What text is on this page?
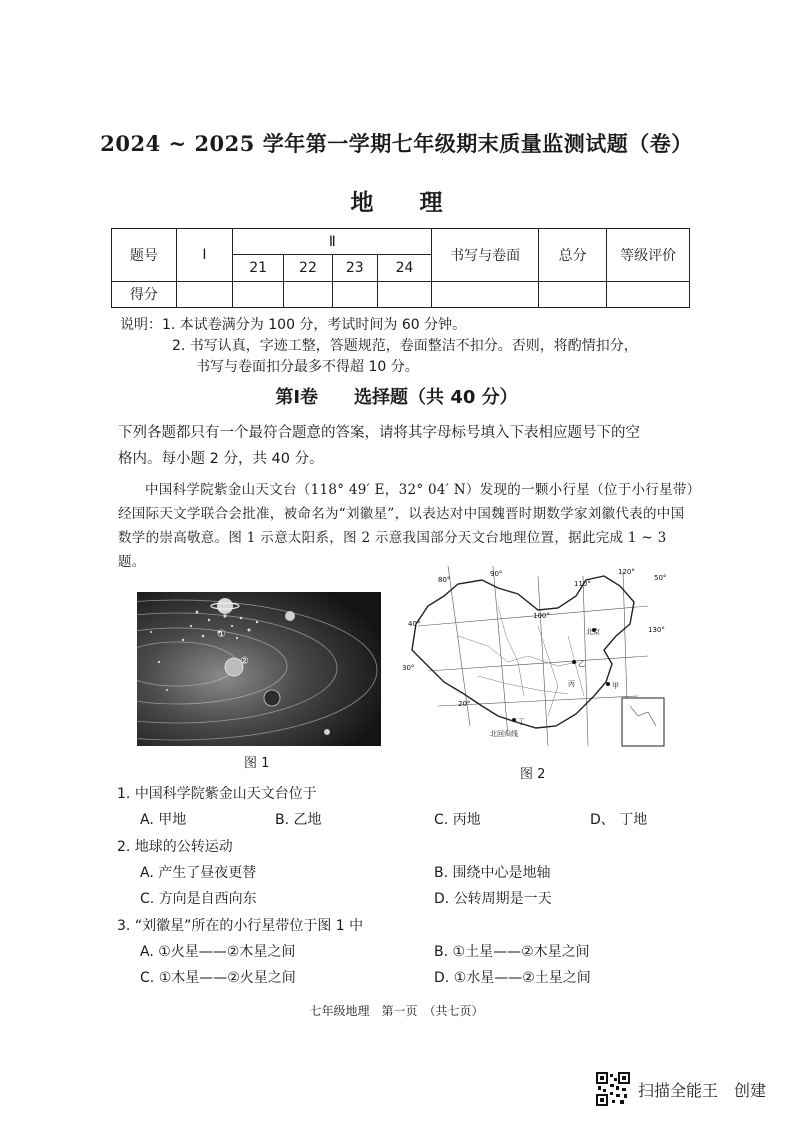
2024 ~ 2025 学年第一学期七年级期末质量监测试题（卷）
地理
题号	Ⅰ	Ⅱ				书写与卷面	总分	等级评价
		21	22	23	24			
得分								
说明：1. 本试卷满分为 100 分，考试时间为 60 分钟。
2. 书写认真，字迹工整，答题规范，卷面整洁不扣分。否则，将酌情扣分，
书写与卷面扣分最多不得超 10 分。
第Ⅰ卷　　选择题（共 40 分）
下列各题都只有一个最符合题意的答案，请将其字母标号填入下表相应题号下的空
格内。每小题 2 分，共 40 分。
中国科学院紫金山天文台（118° 49′ E，32° 04′ N）发现的一颗小行星（位于小行星带）经国际天文学联合会批准，被命名为“刘徽星”，以表达对中国魏晋时期数学家刘徽代表的中国数学的崇高敬意。图 1 示意太阳系，图 2 示意我国部分天文台地理位置，据此完成 1 ~ 3 题。
①
②
图 1
80°
90°
100°
110°
120°
50°
130°
30°
40°
20°
北京
甲
乙
丙
丁
北回归线
图 2
1. 中国科学院紫金山天文台位于
A. 甲地	B. 乙地	C. 丙地	D、 丁地
2. 地球的公转运动
A. 产生了昼夜更替	B. 围绕中心是地轴
C. 方向是自西向东	D. 公转周期是一天
3. “刘徽星”所在的小行星带位于图 1 中
A. ①火星——②木星之间	B. ①土星——②木星之间
C. ①木星——②火星之间	D. ①水星——②土星之间
七年级地理　第一页　（共七页）
扫描全能王　创建
